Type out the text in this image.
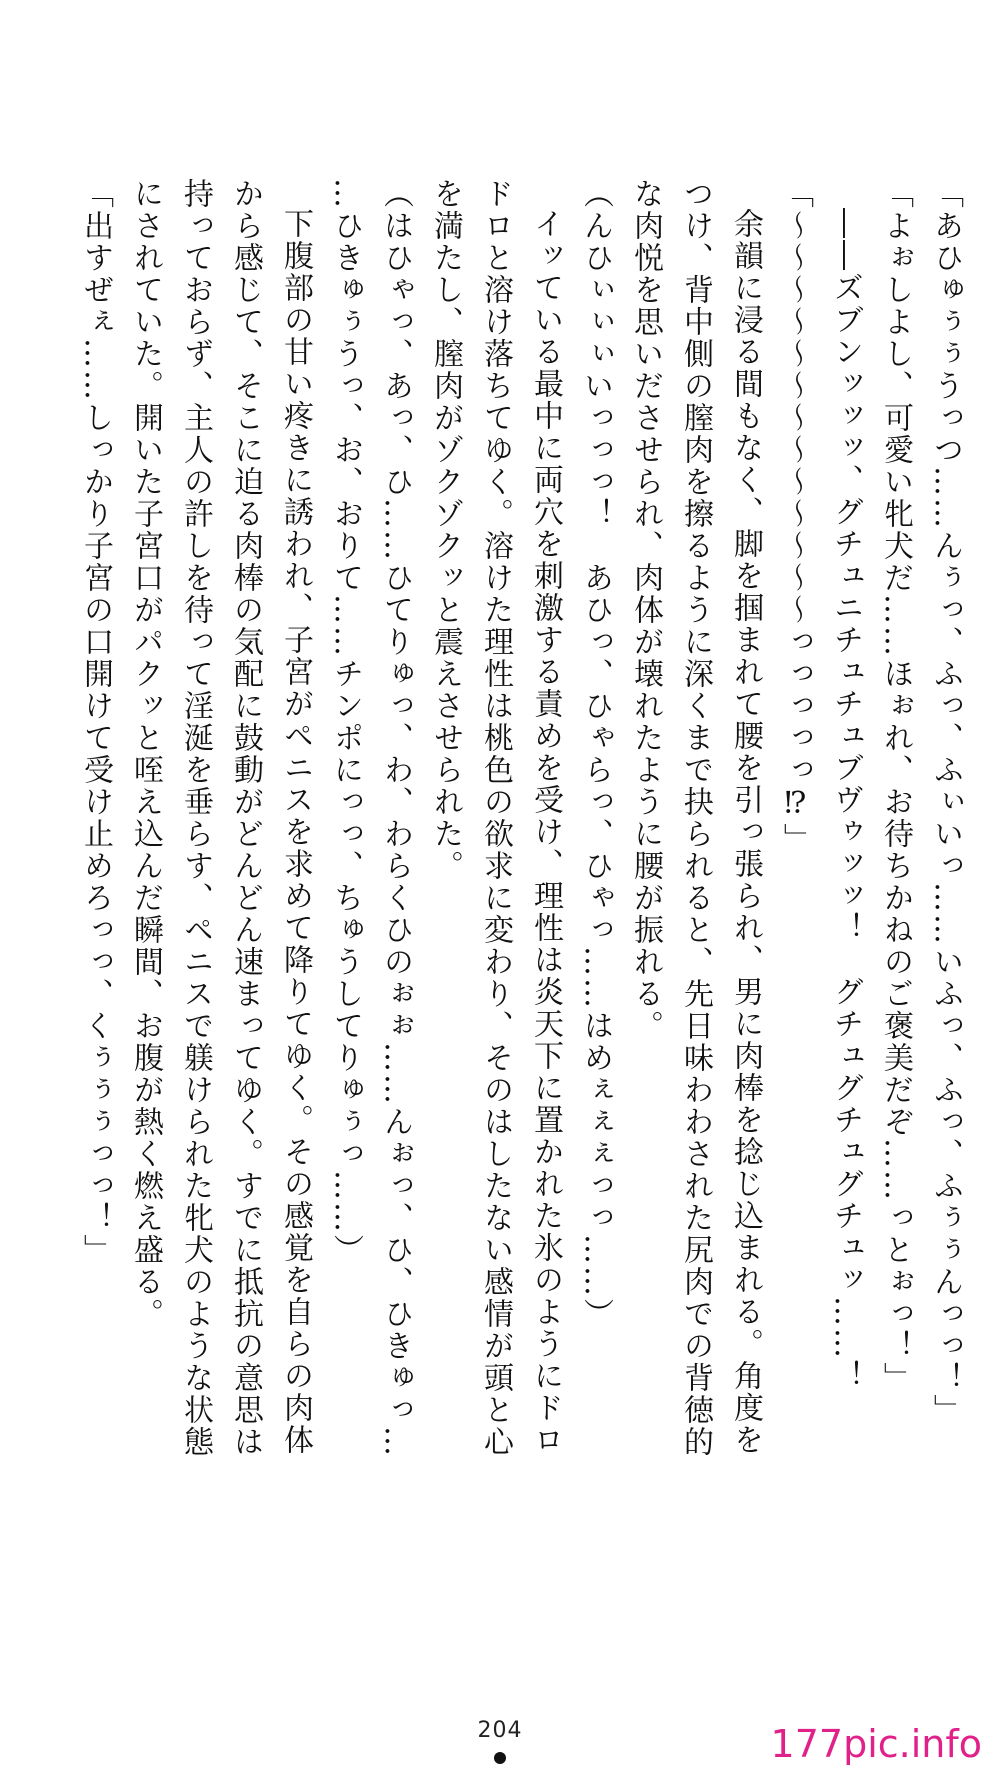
「あひゅぅぅうっつ……んぅっ、ふっ、ふぃいっ……いふっ、ふっ、ふぅぅんっっ！」

「よぉしよし、可愛い牝犬だ……ほぉれ、お待ちかねのご褒美だぞ……っとぉっ！」

――ズブンッッッ、グチュニチュチュブヴゥッッ！　グチュグチュグチュッ……！

「〜〜〜〜〜〜〜〜〜〜〜〜〜っっっっっ⁉︎」

余韻に浸る間もなく、脚を掴まれて腰を引っ張られ、男に肉棒を捻じ込まれる。角度を

つけ、背中側の膣肉を擦るように深くまで抉られると、先日味わわされた尻肉での背徳的

な肉悦を思いださせられ、肉体が壊れたように腰が振れる。

（んひぃぃぃいっっっ！　あひっ、ひゃらっ、ひゃっ……はめぇぇぇっっ……）

イッている最中に両穴を刺激する責めを受け、理性は炎天下に置かれた氷のようにドロ

ドロと溶け落ちてゆく。溶けた理性は桃色の欲求に変わり、そのはしたない感情が頭と心

を満たし、膣肉がゾクゾクッと震えさせられた。

（はひゃっ、あっ、ひ……ひてりゅっ、わ、わらくひのぉぉ……んぉっ、ひ、ひきゅっ…

…ひきゅぅうっ、お、おりて……チンポにっっ、ちゅうしてりゅぅっ……）

下腹部の甘い疼きに誘われ、子宮がペニスを求めて降りてゆく。その感覚を自らの肉体

から感じて、そこに迫る肉棒の気配に鼓動がどんどん速まってゆく。すでに抵抗の意思は

持っておらず、主人の許しを待って淫涎を垂らす、ペニスで躾けられた牝犬のような状態

にされていた。開いた子宮口がパクッと咥え込んだ瞬間、お腹が熱く燃え盛る。

「出すぜぇ……しっかり子宮の口開けて受け止めろっっ、くぅぅぅっっ！」

204	177pic.info
